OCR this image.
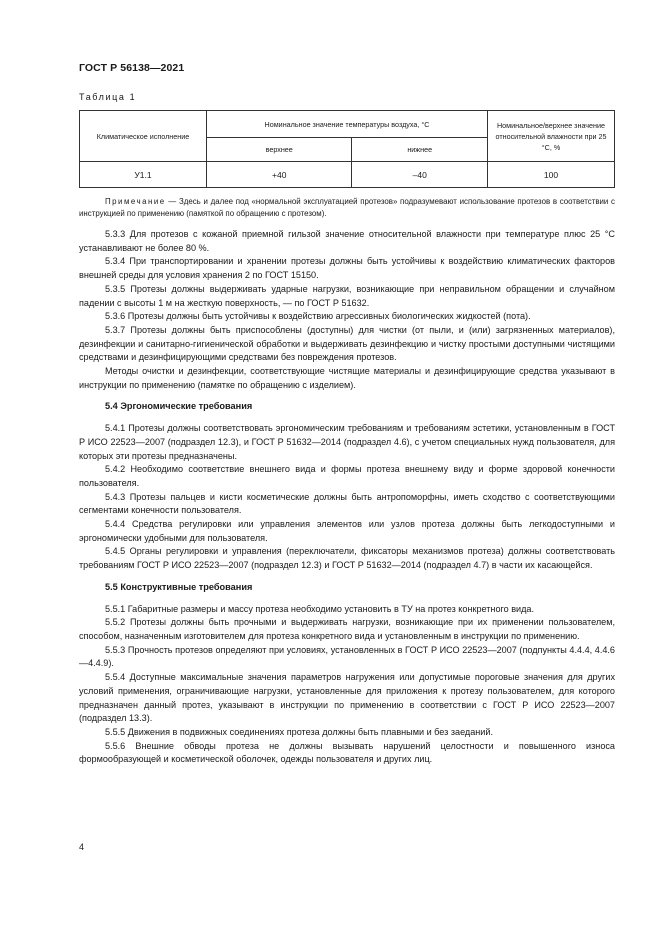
ГОСТ Р 56138—2021
Таблица 1
Климатическое исполнение	Номинальное значение температуры воздуха, °С		Номинальное/верхнее значение относительной влажности при 25 °С, %
	верхнее	нижнее	
У1.1	+40	–40	100
Примечание — Здесь и далее под «нормальной эксплуатацией протезов» подразумевают использование протезов в соответствии с инструкцией по применению (памяткой по обращению с протезом).

5.3.3 Для протезов с кожаной приемной гильзой значение относительной влажности при температуре плюс 25 °С устанавливают не более 80 %.

5.3.4 При транспортировании и хранении протезы должны быть устойчивы к воздействию климатических факторов внешней среды для условия хранения 2 по ГОСТ 15150.

5.3.5 Протезы должны выдерживать ударные нагрузки, возникающие при неправильном обращении и случайном падении с высоты 1 м на жесткую поверхность, — по ГОСТ Р 51632.

5.3.6 Протезы должны быть устойчивы к воздействию агрессивных биологических жидкостей (пота).

5.3.7 Протезы должны быть приспособлены (доступны) для чистки (от пыли, и (или) загрязненных материалов), дезинфекции и санитарно-гигиенической обработки и выдерживать дезинфекцию и чистку простыми доступными чистящими средствами и дезинфицирующими средствами без повреждения протезов.

Методы очистки и дезинфекции, соответствующие чистящие материалы и дезинфицирующие средства указывают в инструкции по применению (памятке по обращению с изделием).

5.4 Эргономические требования

5.4.1 Протезы должны соответствовать эргономическим требованиям и требованиям эстетики, установленным в ГОСТ Р ИСО 22523—2007 (подраздел 12.3), и ГОСТ Р 51632—2014 (подраздел 4.6), с учетом специальных нужд пользователя, для которых эти протезы предназначены.

5.4.2 Необходимо соответствие внешнего вида и формы протеза внешнему виду и форме здоровой конечности пользователя.

5.4.3 Протезы пальцев и кисти косметические должны быть антропоморфны, иметь сходство с соответствующими сегментами конечности пользователя.

5.4.4 Средства регулировки или управления элементов или узлов протеза должны быть легкодоступными и эргономически удобными для пользователя.

5.4.5 Органы регулировки и управления (переключатели, фиксаторы механизмов протеза) должны соответствовать требованиям ГОСТ Р ИСО 22523—2007 (подраздел 12.3) и ГОСТ Р 51632—2014 (подраздел 4.7) в части их касающейся.

5.5 Конструктивные требования

5.5.1 Габаритные размеры и массу протеза необходимо установить в ТУ на протез конкретного вида.

5.5.2 Протезы должны быть прочными и выдерживать нагрузки, возникающие при их применении пользователем, способом, назначенным изготовителем для протеза конкретного вида и установленным в инструкции по применению.

5.5.3 Прочность протезов определяют при условиях, установленных в ГОСТ Р ИСО 22523—2007 (подпункты 4.4.4, 4.4.6—4.4.9).

5.5.4 Доступные максимальные значения параметров нагружения или допустимые пороговые значения для других условий применения, ограничивающие нагрузки, установленные для приложения к протезу пользователем, для которого предназначен данный протез, указывают в инструкции по применению в соответствии с ГОСТ Р ИСО 22523—2007 (подраздел 13.3).

5.5.5 Движения в подвижных соединениях протеза должны быть плавными и без заеданий.

5.5.6 Внешние обводы протеза не должны вызывать нарушений целостности и повышенного износа формообразующей и косметической оболочек, одежды пользователя и других лиц.

4
